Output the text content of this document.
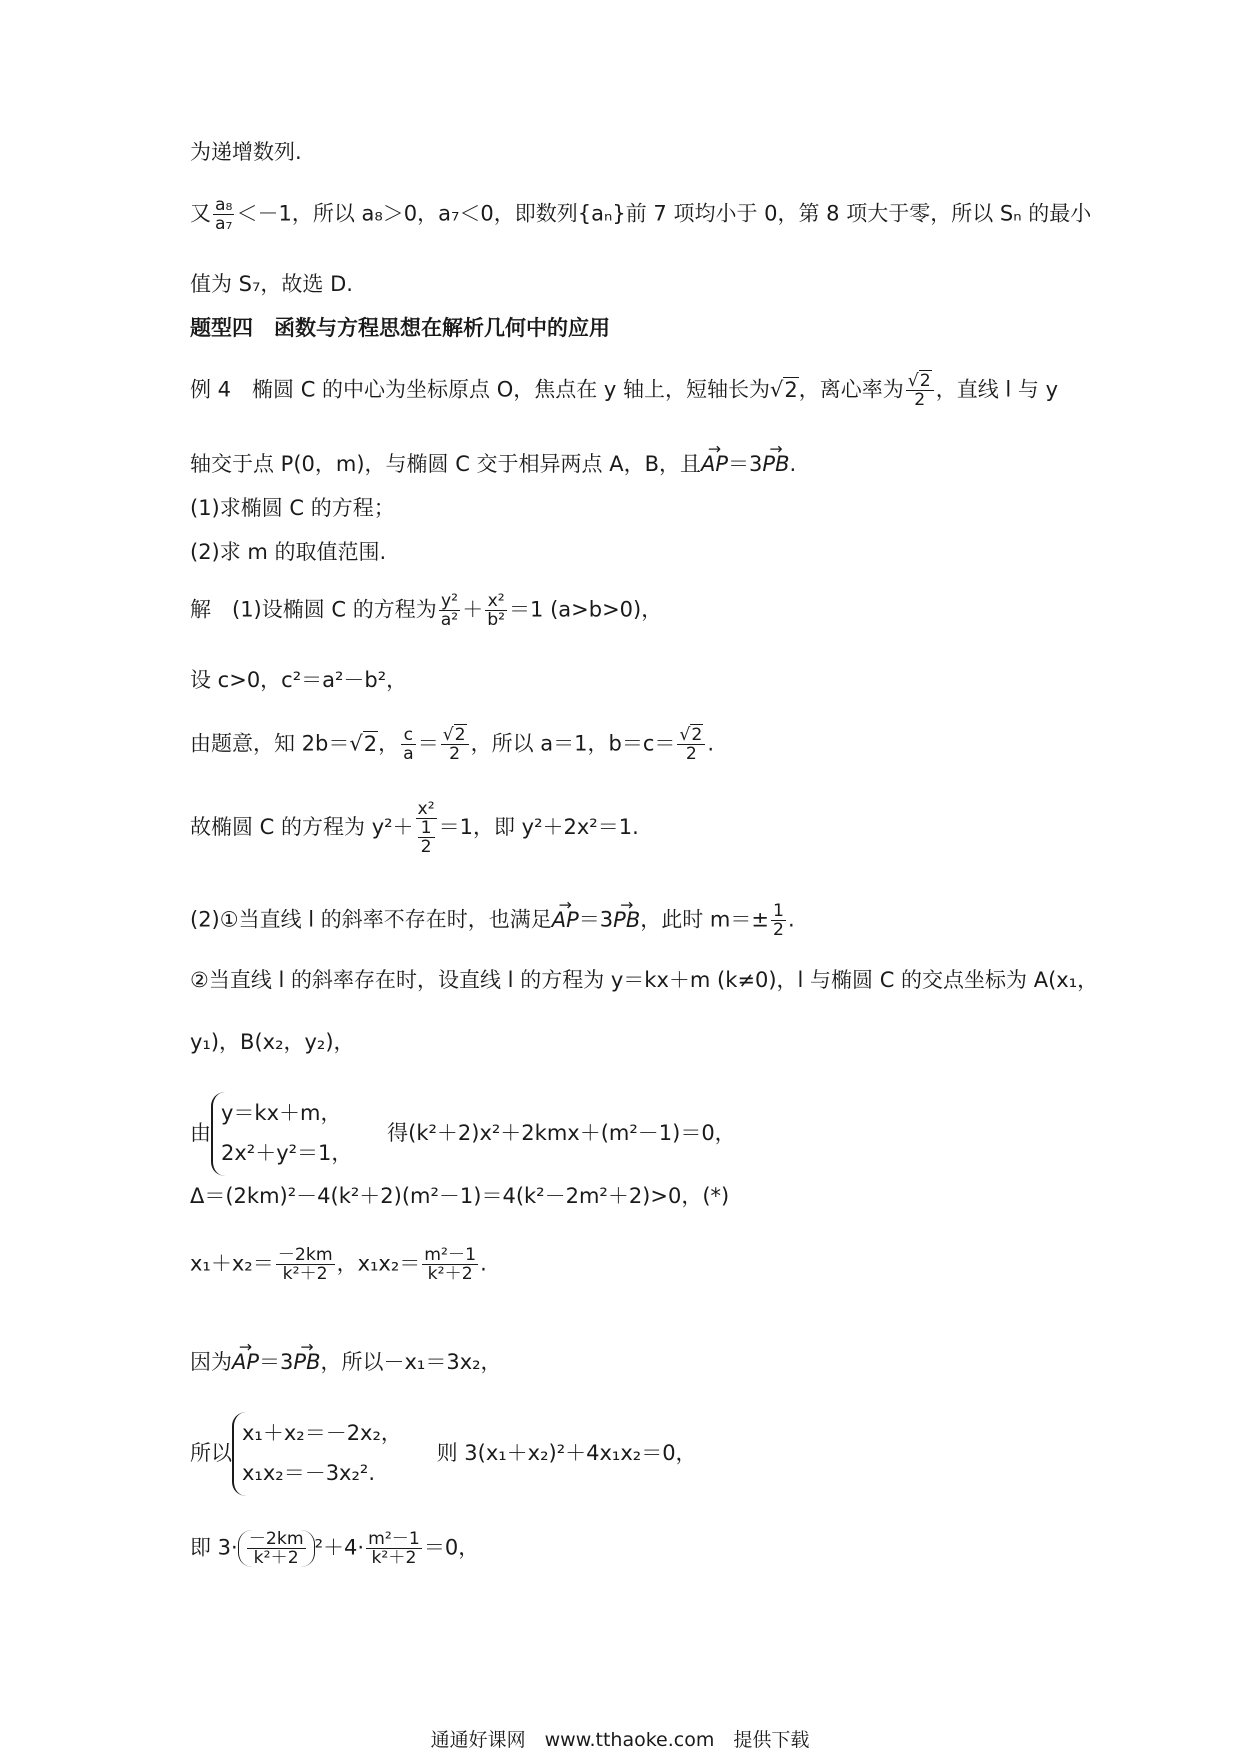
为递增数列.
又 $\frac{\text{a₈}}{\text{a₇}} <-1$，所以 a₈＞0，a₇＜0，即数列{aₙ}前 7 项均小于 0，第 8 项大于零，所以 Sₙ 的最小
值为 S₇，故选 D.
题型四　函数与方程思想在解析几何中的应用
例 4　椭圆 C 的中心为坐标原点 O，焦点在 y 轴上，短轴长为√2，离心率为 $\frac{√2}{2}$ ，直线 l 与 y
轴交于点 P(0，m)，与椭圆 C 交于相异两点 A，B，且→ AP＝3→ PB.
(1)求椭圆 C 的方程；
(2)求 m 的取值范围.
解　(1)设椭圆 C 的方程为 $\frac{\text{y²}}{\text{a²}} + \frac{\text{x²}}{\text{b²}} =1$ (a>b>0)，
设 c>0，c²＝a²－b²，
由题意，知 2b＝√2， $\frac{c}{a} = \frac{√2}{2}$ ，所以 a＝1，$b=c= \frac{√2}{2}$ .
故椭圆 C 的方程为 y²＋ x²
1
2 ＝1，即 y²＋2x²＝1.
(2)①当直线 l 的斜率不存在时，也满足→ AP＝3→ PB，此时 $m=\pm \frac{1}{2}$ .
②当直线 l 的斜率存在时，设直线 l 的方程为 y＝kx＋m (k≠0)，l 与椭圆 C 的交点坐标为 A(x₁，
y₁)，B(x₂，y₂)，
由
y＝kx＋m，
2x²＋y²＝1，
得(k²＋2)x²＋2kmx＋(m²－1)＝0，
Δ＝(2km)²－4(k²＋2)(m²－1)＝4(k²－2m²＋2)>0，(*)
$x_1+x_2= \frac{-2km}{\text{k²＋2}}$ ，$x_1x_2= \frac{\text{m²－1}}{\text{k²＋2}}$ .
因为→ AP＝3→ PB，所以－x₁＝3x₂，
所以
x₁＋x₂＝－2x₂，
x₁x₂＝－3x₂².
则 3(x₁＋x₂)²＋4x₁x₂＝0，
即 $3\cdot \frac{-2km}{\text{k²＋2}} ^2+4\cdot \frac{\text{m²－1}}{\text{k²＋2}} =0$，
通通好课网　www.tthaoke.com　提供下载
